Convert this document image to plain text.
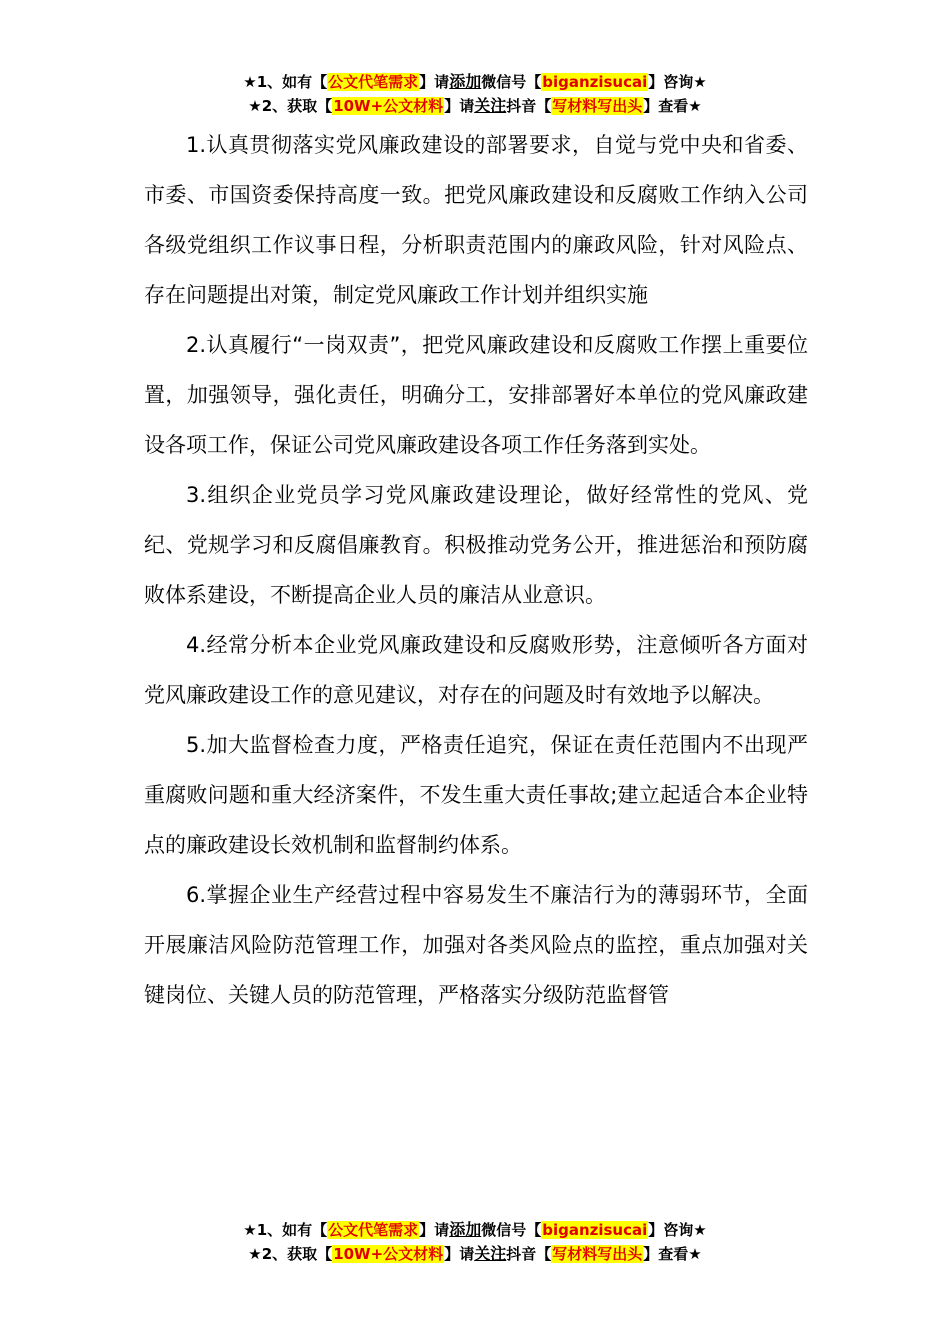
★1、如有【公文代笔需求】请添加微信号【biganzisucai】咨询★
★2、获取【10W+公文材料】请关注抖音【写材料写出头】查看★

1.认真贯彻落实党风廉政建设的部署要求，自觉与党中央和省委、市委、市国资委保持高度一致。把党风廉政建设和反腐败工作纳入公司各级党组织工作议事日程，分析职责范围内的廉政风险，针对风险点、存在问题提出对策，制定党风廉政工作计划并组织实施

2.认真履行“一岗双责”，把党风廉政建设和反腐败工作摆上重要位置，加强领导，强化责任，明确分工，安排部署好本单位的党风廉政建设各项工作，保证公司党风廉政建设各项工作任务落到实处。

3.组织企业党员学习党风廉政建设理论，做好经常性的党风、党纪、党规学习和反腐倡廉教育。积极推动党务公开，推进惩治和预防腐败体系建设，不断提高企业人员的廉洁从业意识。

4.经常分析本企业党风廉政建设和反腐败形势，注意倾听各方面对党风廉政建设工作的意见建议，对存在的问题及时有效地予以解决。

5.加大监督检查力度，严格责任追究，保证在责任范围内不出现严重腐败问题和重大经济案件，不发生重大责任事故;建立起适合本企业特点的廉政建设长效机制和监督制约体系。

6.掌握企业生产经营过程中容易发生不廉洁行为的薄弱环节，全面开展廉洁风险防范管理工作，加强对各类风险点的监控，重点加强对关键岗位、关键人员的防范管理，严格落实分级防范监督管

★1、如有【公文代笔需求】请添加微信号【biganzisucai】咨询★
★2、获取【10W+公文材料】请关注抖音【写材料写出头】查看★
